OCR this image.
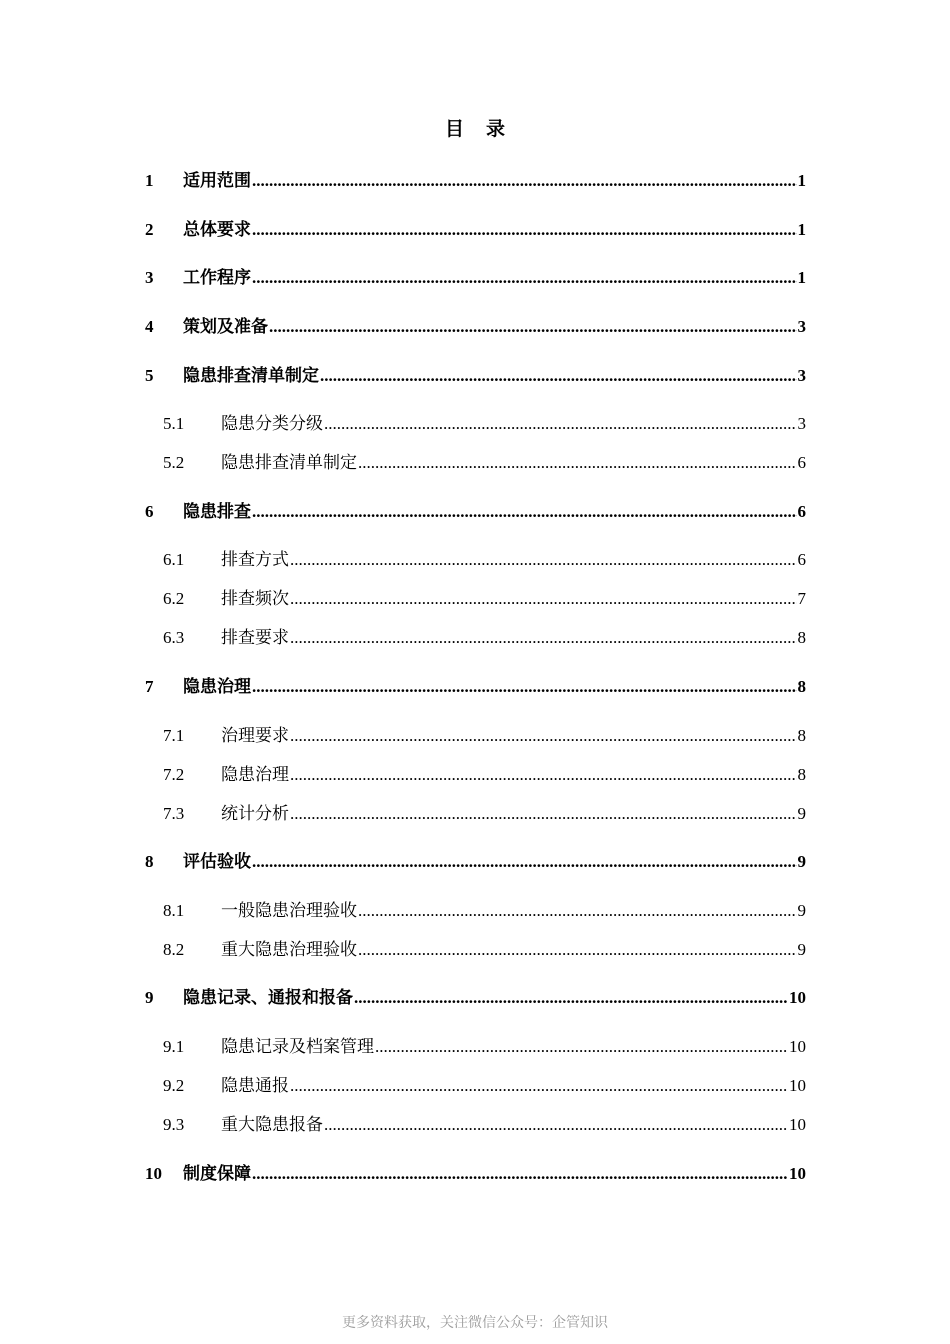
目 录
1	适用范围 .....	1
2	总体要求 .....	1
3	工作程序 .....	1
4	策划及准备 .....	3
5	隐患排查清单制定 .....	3
5.1	隐患分类分级 .....	3
5.2	隐患排查清单制定 .....	6
6	隐患排查 .....	6
6.1	排查方式 .....	6
6.2	排查频次 .....	7
6.3	排查要求 .....	8
7	隐患治理 .....	8
7.1	治理要求 .....	8
7.2	隐患治理 .....	8
7.3	统计分析 .....	9
8	评估验收 .....	9
8.1	一般隐患治理验收 .....	9
8.2	重大隐患治理验收 .....	9
9	隐患记录、通报和报备 .....	10
9.1	隐患记录及档案管理 .....	10
9.2	隐患通报 .....	10
9.3	重大隐患报备 .....	10
10	制度保障 .....	10
更多资料获取，关注微信公众号：企管知识
